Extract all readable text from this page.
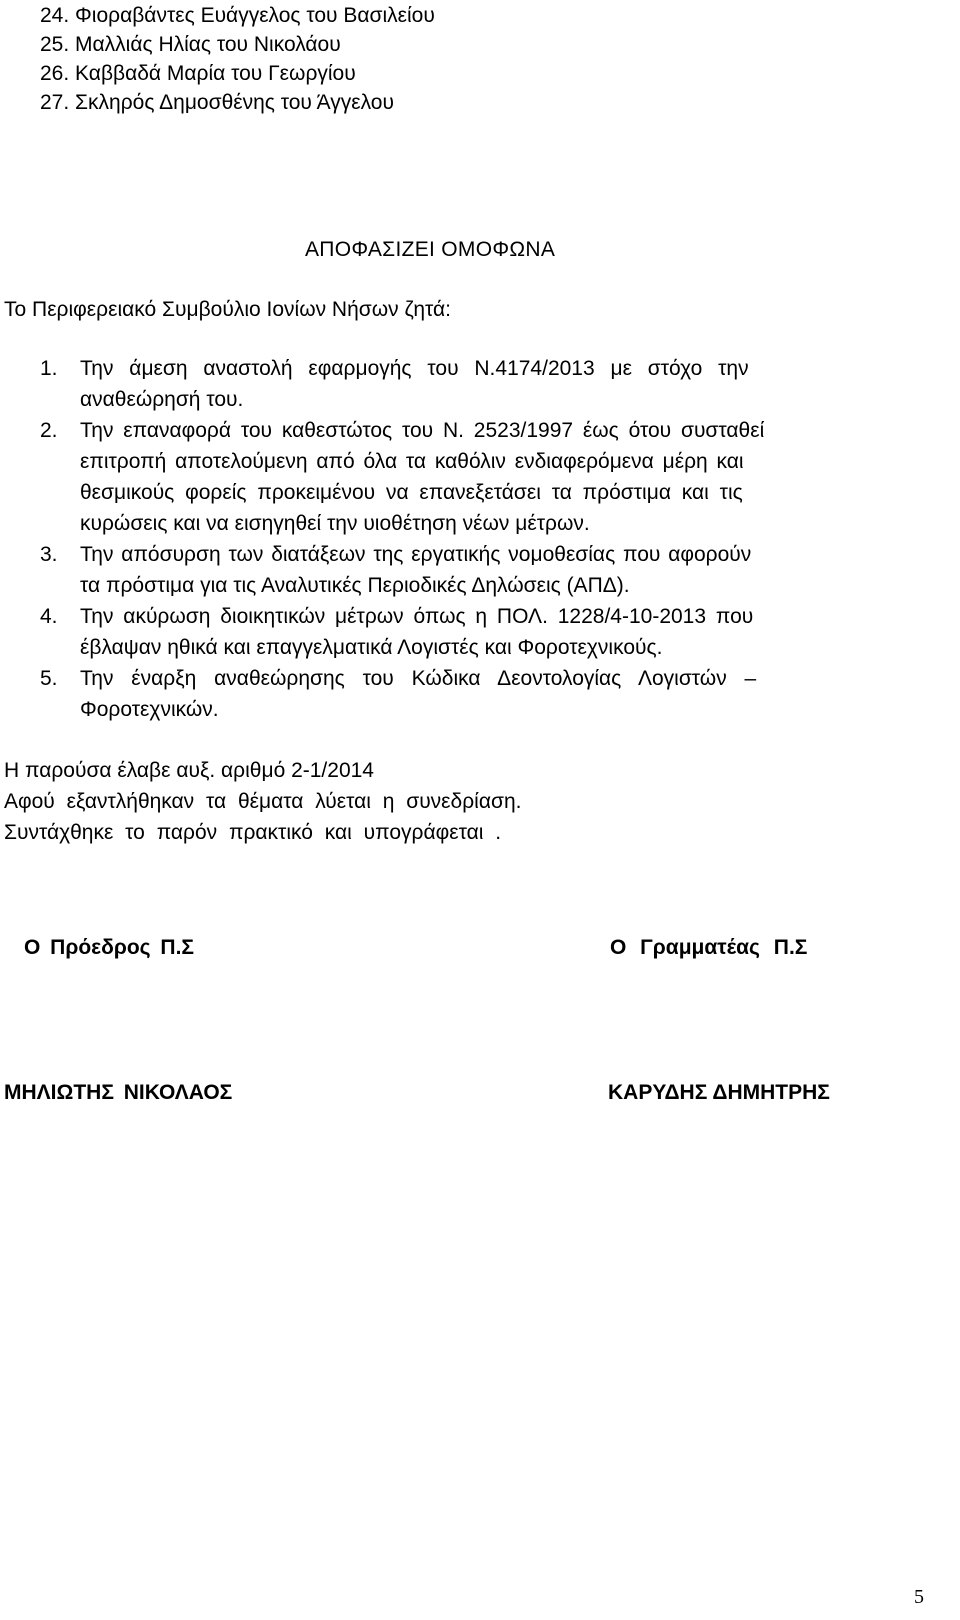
24. Φιοραβάντες Ευάγγελος του Βασιλείου
25. Μαλλιάς Ηλίας του Νικολάου
26. Καββαδά Μαρία του Γεωργίου
27. Σκληρός Δημοσθένης του Άγγελου
ΑΠΟΦΑΣΙΖΕΙ ΟΜΟΦΩΝΑ
Το Περιφερειακό Συμβούλιο Ιονίων Νήσων ζητά:
1. Την άμεση αναστολή εφαρμογής του Ν.4174/2013 με στόχο την
αναθεώρησή του.
2. Την επαναφορά του καθεστώτος του Ν. 2523/1997 έως ότου συσταθεί
επιτροπή αποτελούμενη από όλα τα καθόλιν ενδιαφερόμενα μέρη και
θεσμικούς φορείς προκειμένου να επανεξετάσει τα πρόστιμα και τις
κυρώσεις και να εισηγηθεί την υιοθέτηση νέων μέτρων.
3. Την απόσυρση των διατάξεων της εργατικής νομοθεσίας που αφορούν
τα πρόστιμα για τις Αναλυτικές Περιοδικές Δηλώσεις (ΑΠΔ).
4. Την ακύρωση διοικητικών μέτρων όπως η ΠΟΛ. 1228/4-10-2013 που
έβλαψαν ηθικά και επαγγελματικά Λογιστές και Φοροτεχνικούς.
5. Την έναρξη αναθεώρησης του Κώδικα Δεοντολογίας Λογιστών –
Φοροτεχνικών.
Η παρούσα έλαβε αυξ. αριθμό 2-1/2014
Αφού εξαντλήθηκαν τα θέματα λύεται η συνεδρίαση.
Συντάχθηκε το παρόν πρακτικό και υπογράφεται .
Ο Πρόεδρος Π.Σ	Ο Γραμματέας Π.Σ
ΜΗΛΙΩΤΗΣ ΝΙΚΟΛΑΟΣ	ΚΑΡΥΔΗΣ ΔΗΜΗΤΡΗΣ
5
